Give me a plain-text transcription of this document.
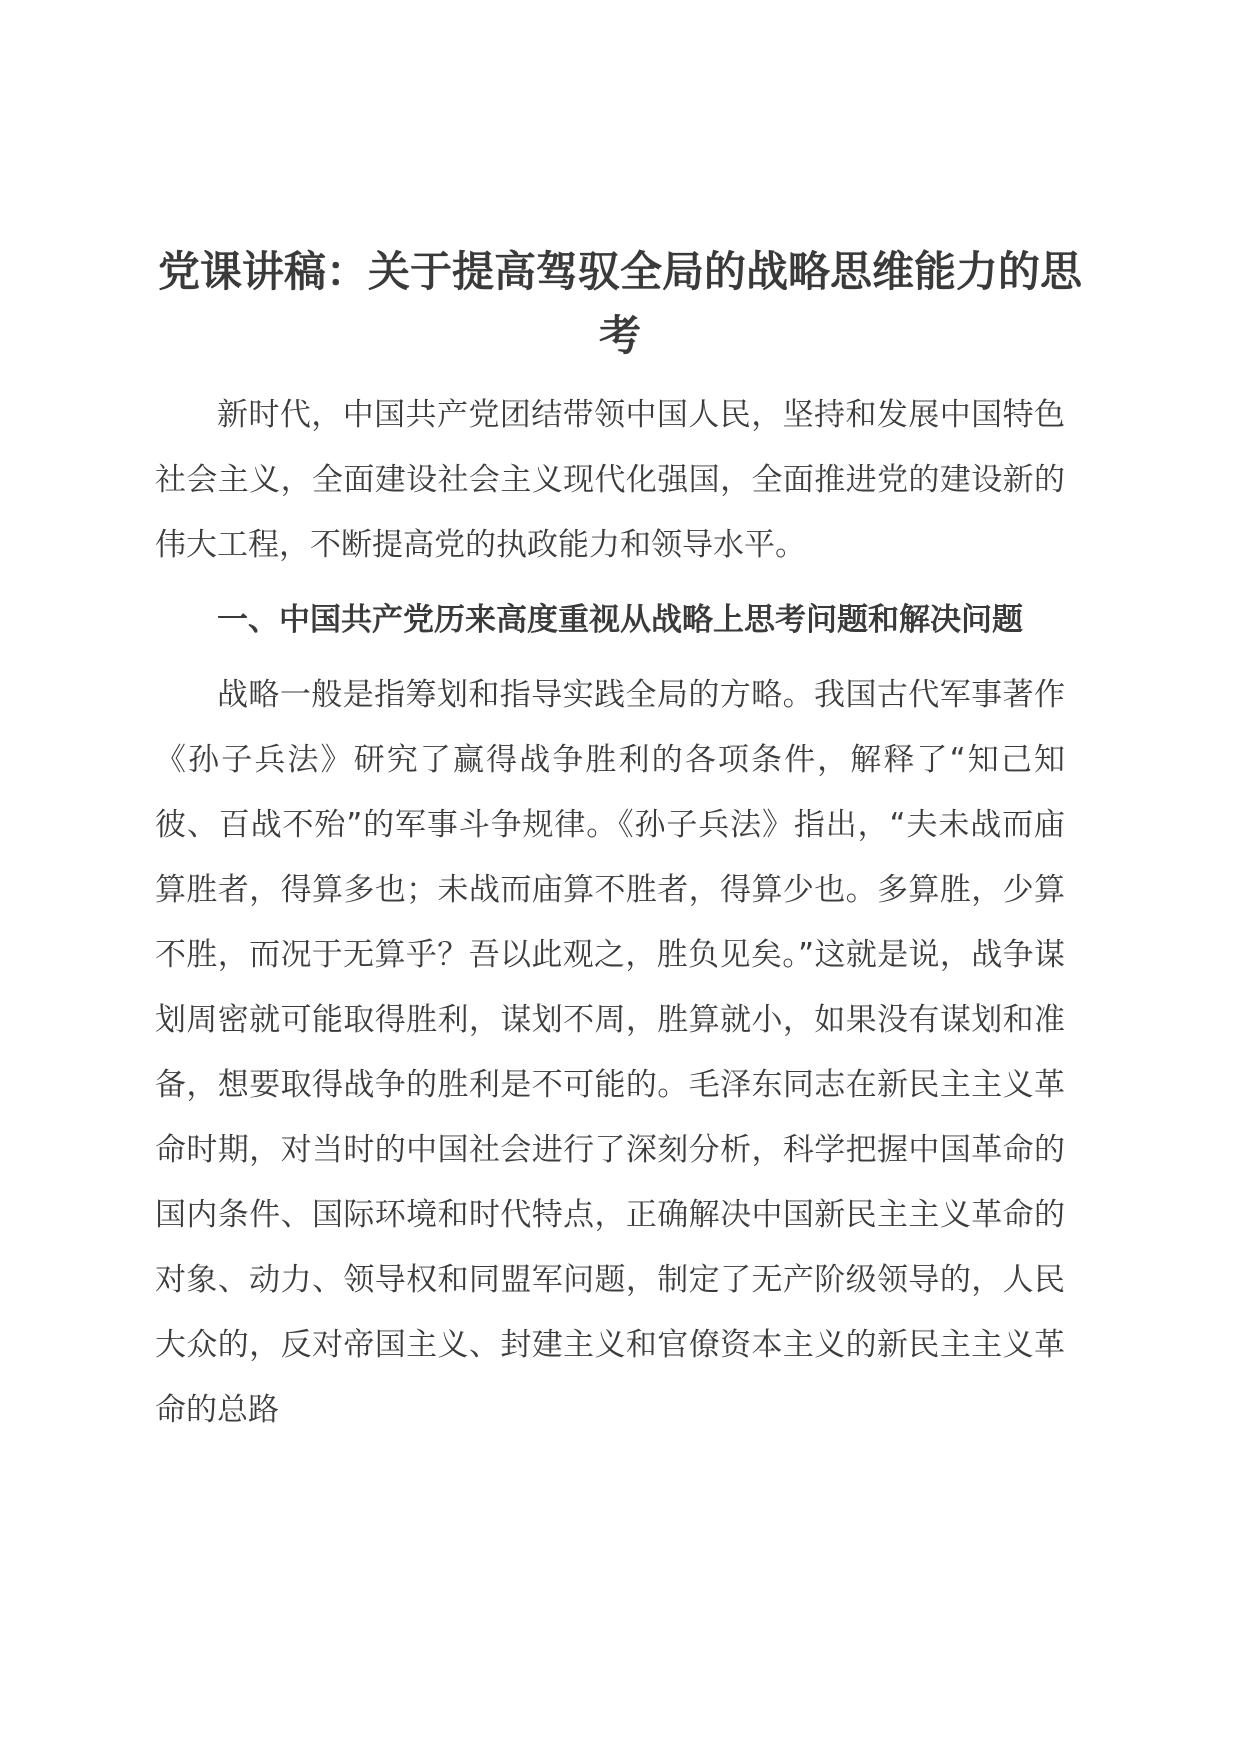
党课讲稿：关于提高驾驭全局的战略思维能力的思考

新时代，中国共产党团结带领中国人民，坚持和发展中国特色社会主义，全面建设社会主义现代化强国，全面推进党的建设新的伟大工程，不断提高党的执政能力和领导水平。

一、中国共产党历来高度重视从战略上思考问题和解决问题

战略一般是指筹划和指导实践全局的方略。我国古代军事著作《孙子兵法》研究了赢得战争胜利的各项条件，解释了“知己知彼、百战不殆”的军事斗争规律。《孙子兵法》指出，“夫未战而庙算胜者，得算多也；未战而庙算不胜者，得算少也。多算胜，少算不胜，而况于无算乎？吾以此观之，胜负见矣。”这就是说，战争谋划周密就可能取得胜利，谋划不周，胜算就小，如果没有谋划和准备，想要取得战争的胜利是不可能的。毛泽东同志在新民主主义革命时期，对当时的中国社会进行了深刻分析，科学把握中国革命的国内条件、国际环境和时代特点，正确解决中国新民主主义革命的对象、动力、领导权和同盟军问题，制定了无产阶级领导的，人民大众的，反对帝国主义、封建主义和官僚资本主义的新民主主义革命的总路
